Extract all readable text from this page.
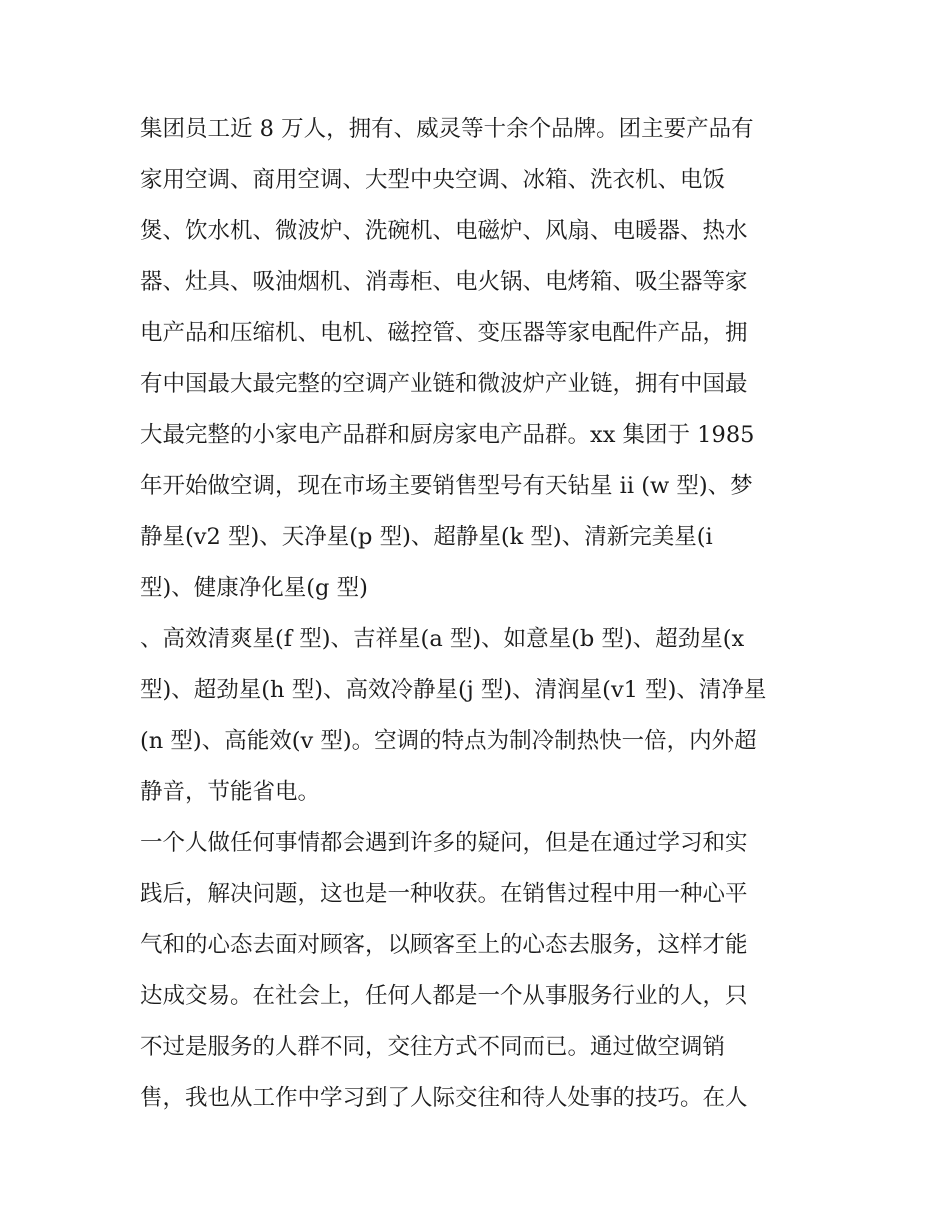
集团员工近 8 万人，拥有、威灵等十余个品牌。团主要产品有
家用空调、商用空调、大型中央空调、冰箱、洗衣机、电饭
煲、饮水机、微波炉、洗碗机、电磁炉、风扇、电暖器、热水
器、灶具、吸油烟机、消毒柜、电火锅、电烤箱、吸尘器等家
电产品和压缩机、电机、磁控管、变压器等家电配件产品，拥
有中国最大最完整的空调产业链和微波炉产业链，拥有中国最
大最完整的小家电产品群和厨房家电产品群。xx 集团于 1985
年开始做空调，现在市场主要销售型号有天钻星 ii (w 型)、梦
静星(v2 型)、天净星(p 型)、超静星(k 型)、清新完美星(i
型)、健康净化星(g 型)
、高效清爽星(f 型)、吉祥星(a 型)、如意星(b 型)、超劲星(x
型)、超劲星(h 型)、高效冷静星(j 型)、清润星(v1 型)、清净星
(n 型)、高能效(v 型)。空调的特点为制冷制热快一倍，内外超
静音，节能省电。
一个人做任何事情都会遇到许多的疑问，但是在通过学习和实
践后，解决问题，这也是一种收获。在销售过程中用一种心平
气和的心态去面对顾客，以顾客至上的心态去服务，这样才能
达成交易。在社会上，任何人都是一个从事服务行业的人，只
不过是服务的人群不同，交往方式不同而已。通过做空调销
售，我也从工作中学习到了人际交往和待人处事的技巧。在人
